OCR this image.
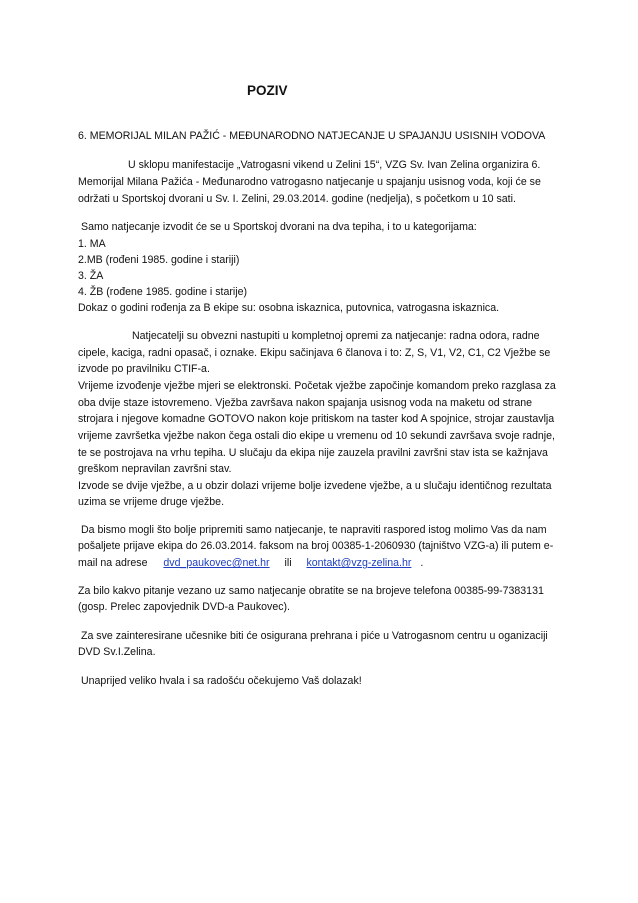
POZIV
6. MEMORIJAL MILAN PAŽIĆ - MEĐUNARODNO NATJECANJE U SPAJANJU USISNIH VODOVA
U sklopu manifestacije „Vatrogasni vikend u Zelini 15“, VZG Sv. Ivan Zelina organizira 6.
Memorijal Milana Pažića - Međunarodno vatrogasno natjecanje u spajanju usisnog voda, koji će se
održati u Sportskoj dvorani u Sv. I. Zelini, 29.03.2014. godine (nedjelja), s početkom u 10 sati.
Samo natjecanje izvodit će se u Sportskoj dvorani na dva tepiha, i to u kategorijama:
1. MA
2.MB (rođeni 1985. godine i stariji)
3. ŽA
4. ŽB (rođene 1985. godine i starije)
Dokaz o godini rođenja za B ekipe su: osobna iskaznica, putovnica, vatrogasna iskaznica.
Natjecatelji su obvezni nastupiti u kompletnoj opremi za natjecanje: radna odora, radne
cipele, kaciga, radni opasač, i oznake. Ekipu sačinjava 6 članova i to: Z, S, V1, V2, C1, C2 Vježbe se
izvode po pravilniku CTIF-a.
Vrijeme izvođenje vježbe mjeri se elektronski. Početak vježbe započinje komandom preko razglasa za
oba dvije staze istovremeno. Vježba završava nakon spajanja usisnog voda na maketu od strane
strojara i njegove komadne GOTOVO nakon koje pritiskom na taster kod A spojnice, strojar zaustavlja
vrijeme završetka vježbe nakon čega ostali dio ekipe u vremenu od 10 sekundi završava svoje radnje,
te se postrojava na vrhu tepiha. U slučaju da ekipa nije zauzela pravilni završni stav ista se kažnjava
greškom nepravilan završni stav.
Izvode se dvije vježbe, a u obzir dolazi vrijeme bolje izvedene vježbe, a u slučaju identičnog rezultata
uzima se vrijeme druge vježbe.
Da bismo mogli što bolje pripremiti samo natjecanje, te napraviti raspored istog molimo Vas da nam
pošaljete prijave ekipa do 26.03.2014. faksom na broj 00385-1-2060930 (tajništvo VZG-a) ili putem e-
mail na adrese dvd_paukovec@net.hr ili kontakt@vzg-zelina.hr .
Za bilo kakvo pitanje vezano uz samo natjecanje obratite se na brojeve telefona 00385-99-7383131
(gosp. Prelec zapovjednik DVD-a Paukovec).
Za sve zainteresirane učesnike biti će osigurana prehrana i piće u Vatrogasnom centru u oganizaciji
DVD Sv.I.Zelina.
Unaprijed veliko hvala i sa radošću očekujemo Vaš dolazak!
